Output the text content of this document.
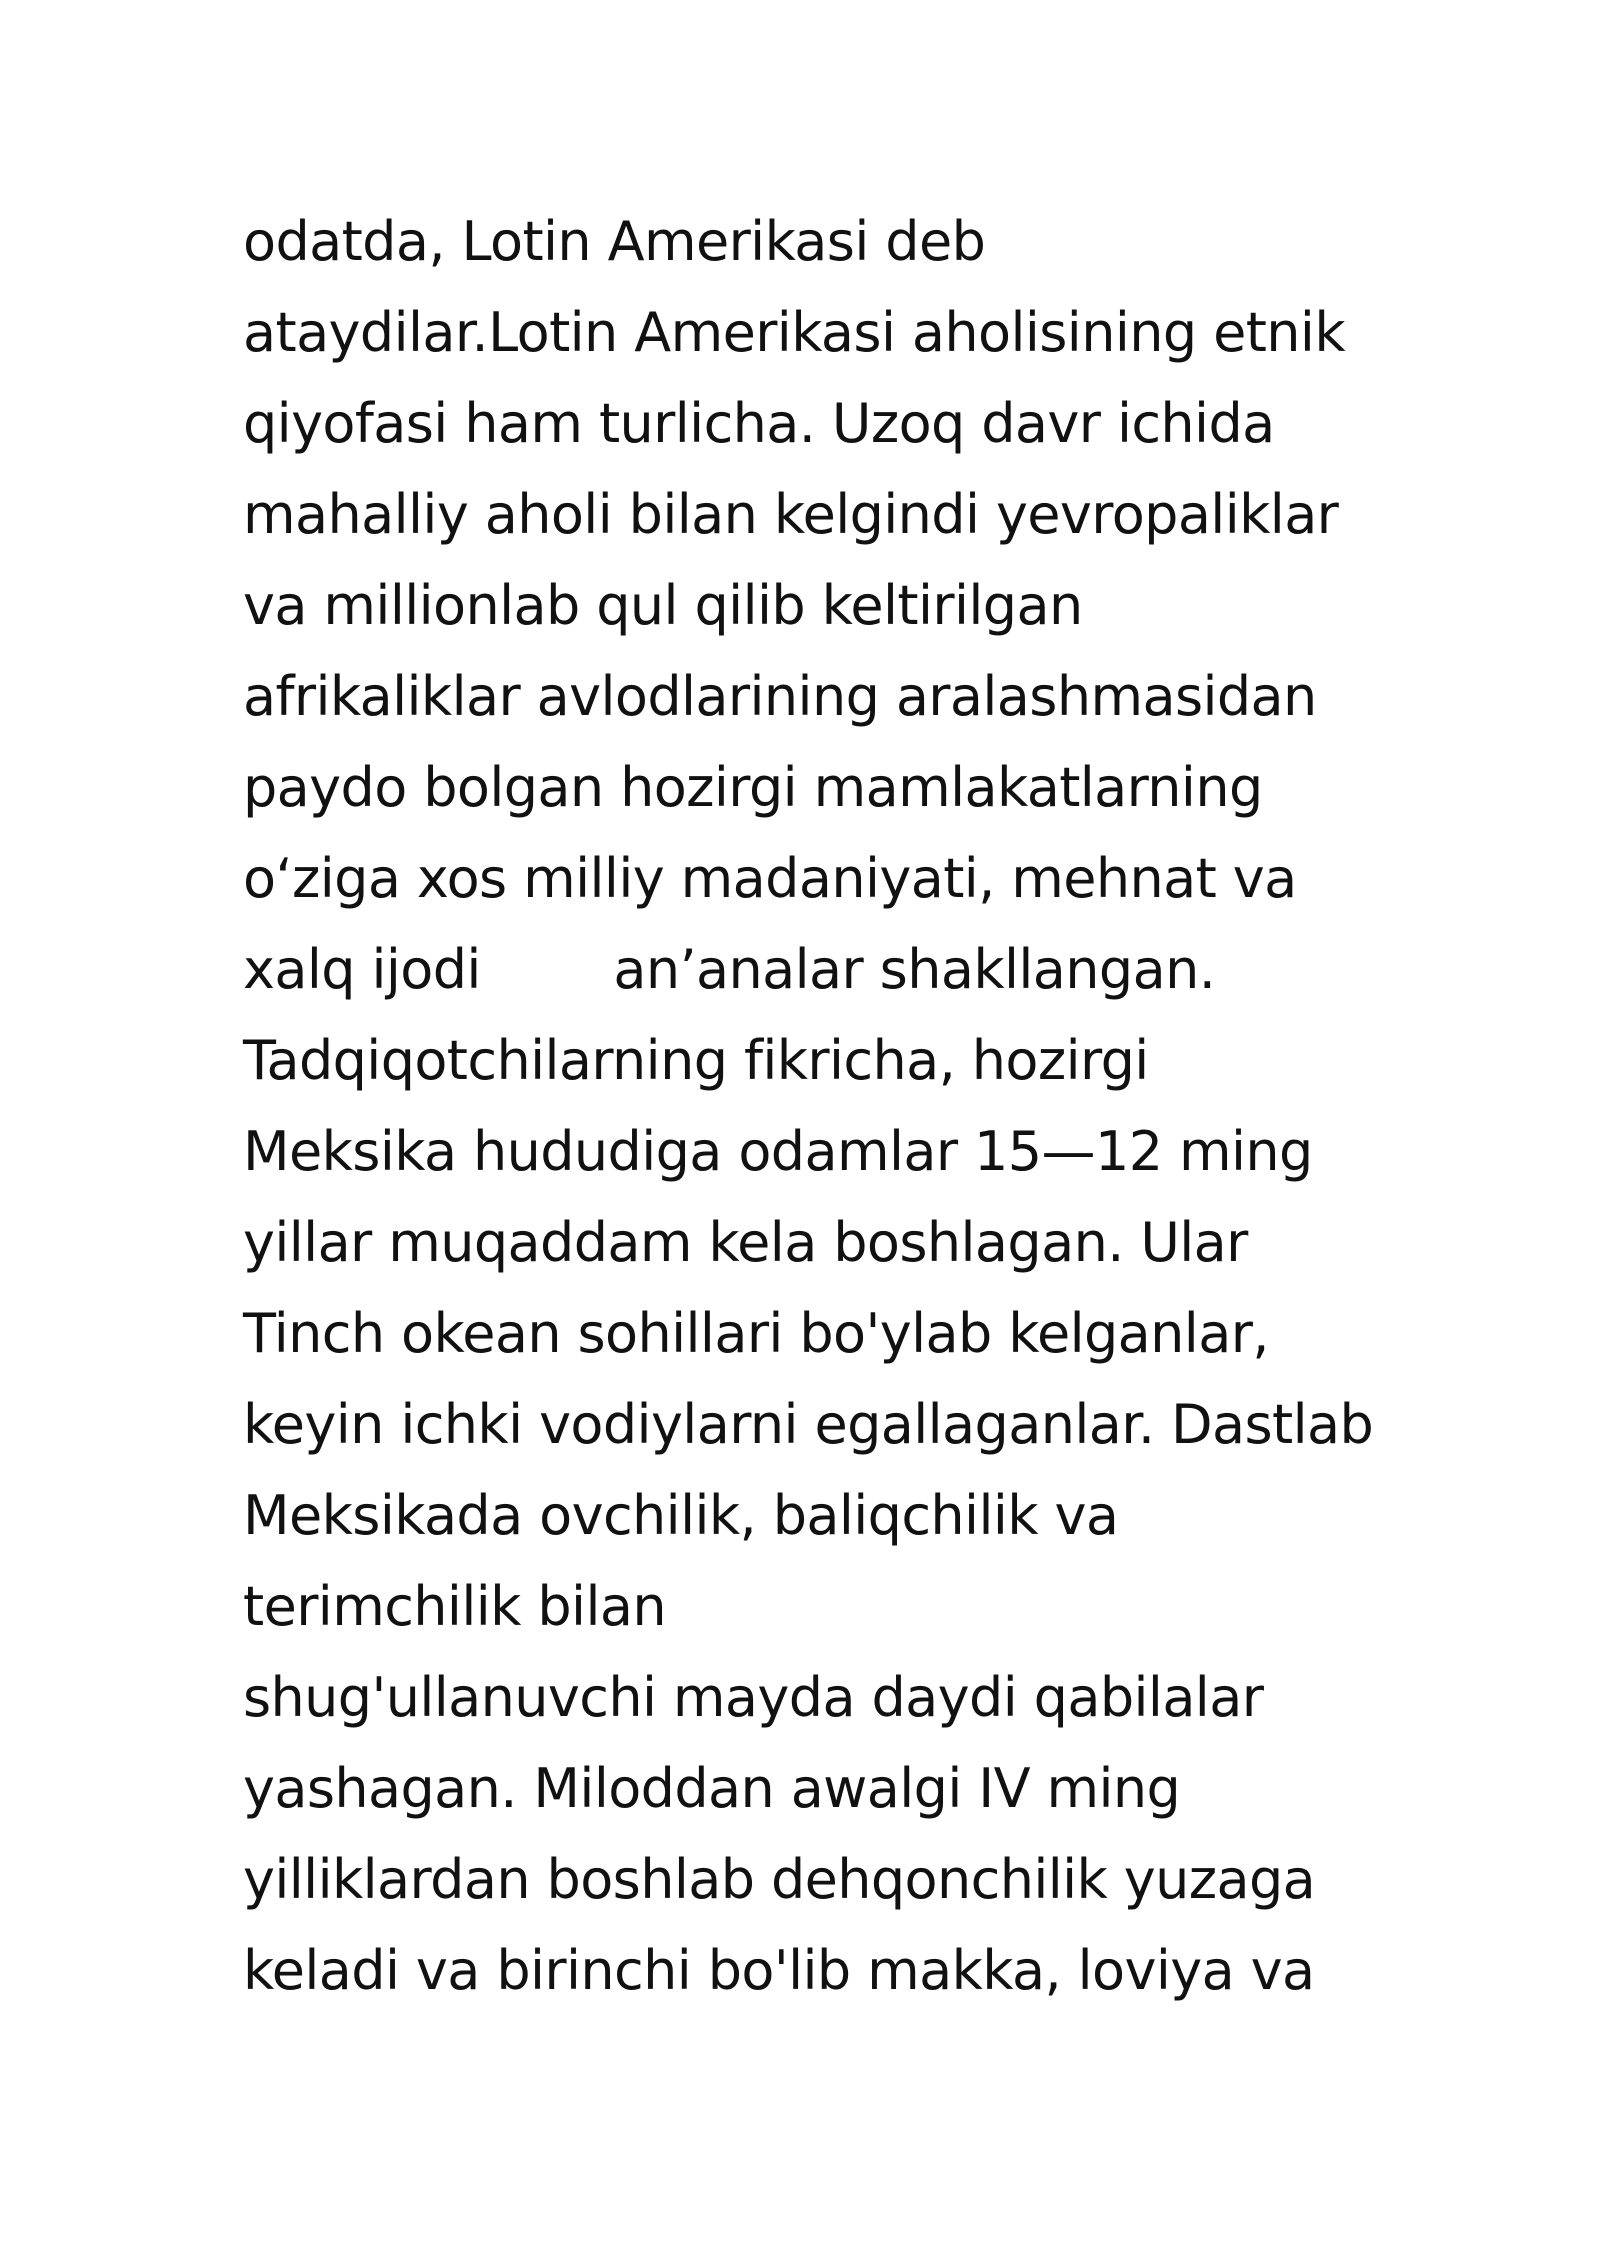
odatda, Lotin Amerikasi deb
ataydilar.Lotin Amerikasi aholisining etnik
qiyofasi ham turlicha. Uzoq davr ichida
mahalliy aholi bilan kelgindi yevropaliklar
va millionlab qul qilib keltirilgan
afrikaliklar avlodlarining aralashmasidan
paydo bolgan hozirgi mamlakatlarning
o‘ziga xos milliy madaniyati, mehnat va
xalq ijodi        an’analar shakllangan.
Tadqiqotchilarning fikricha, hozirgi
Meksika hududiga odamlar 15—12 ming
yillar muqaddam kela boshlagan. Ular
Tinch okean sohillari bo'ylab kelganlar,
keyin ichki vodiylarni egallaganlar. Dastlab
Meksikada ovchilik, baliqchilik va
terimchilik bilan
shug'ullanuvchi mayda daydi qabilalar
yashagan. Miloddan awalgi IV ming
yilliklardan boshlab dehqonchilik yuzaga
keladi va birinchi bo'lib makka, loviya va
